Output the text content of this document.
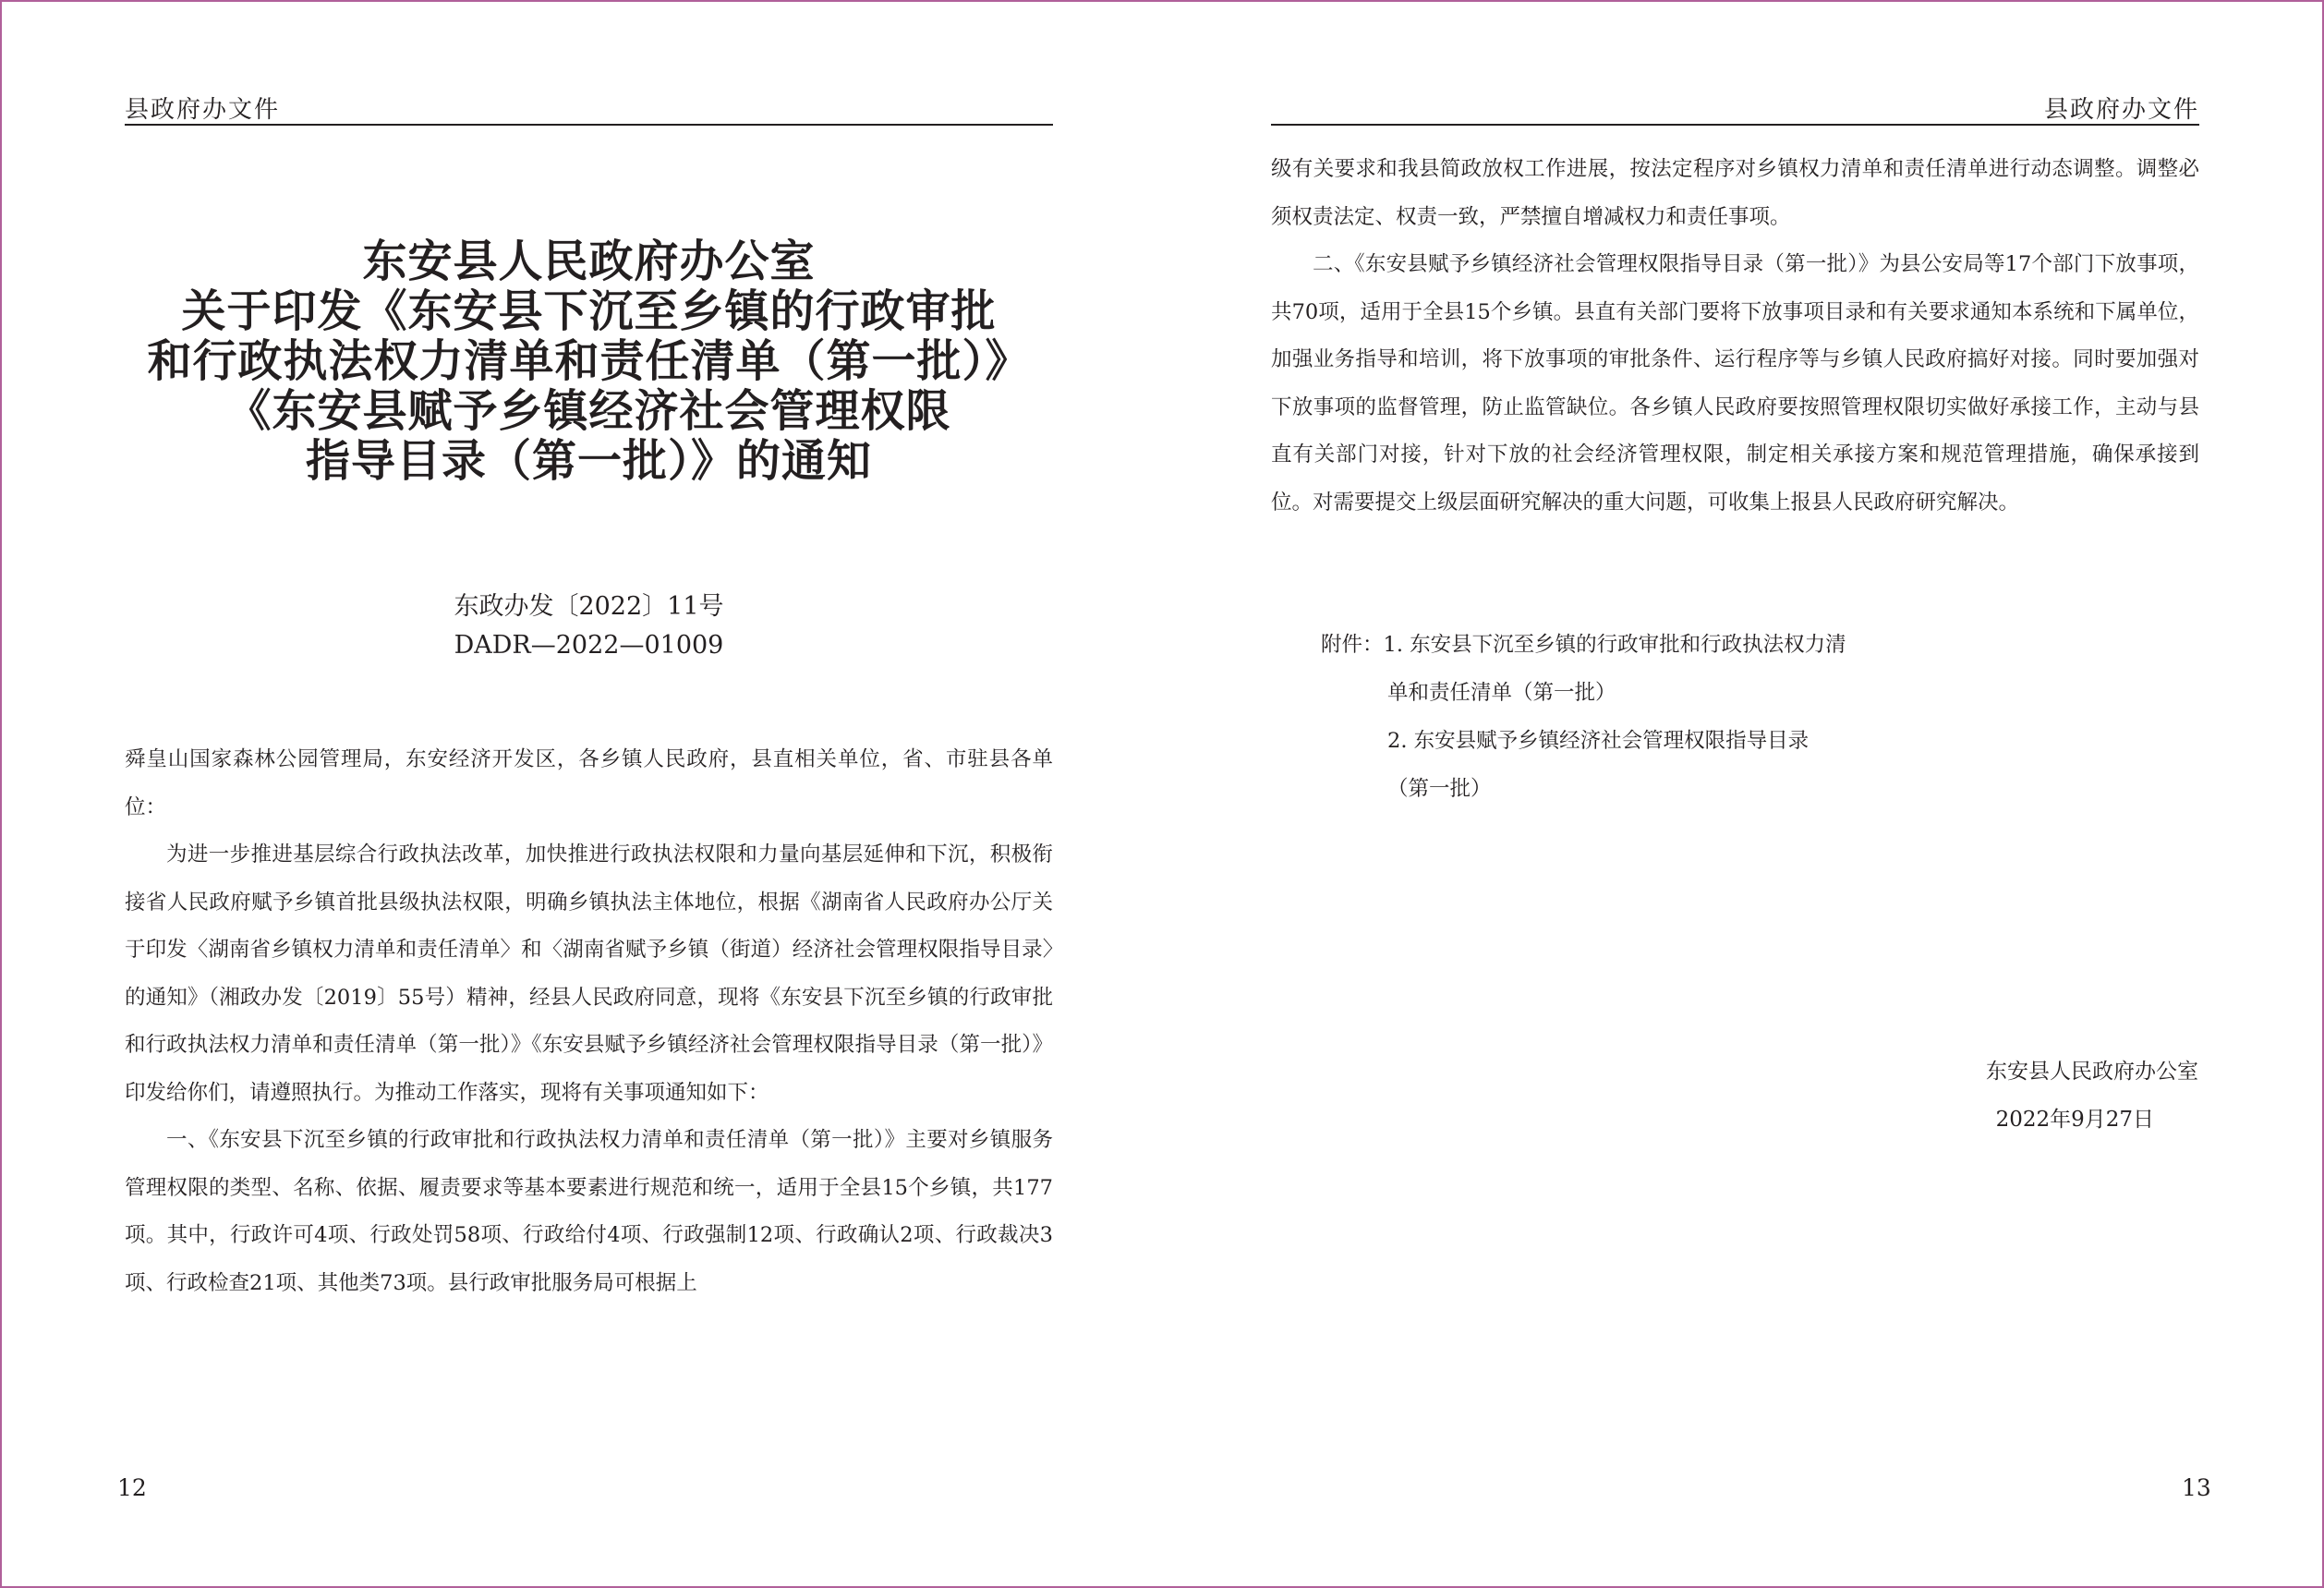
县政府办文件
东安县人民政府办公室
关于印发《东安县下沉至乡镇的行政审批
和行政执法权力清单和责任清单（第一批）》
《东安县赋予乡镇经济社会管理权限
指导目录（第一批）》的通知
东政办发〔2022〕11号
DADR—2022—01009

舜皇山国家森林公园管理局，东安经济开发区，各乡镇人民政府，县直相关单位，省、市驻县各单位：

为进一步推进基层综合行政执法改革，加快推进行政执法权限和力量向基层延伸和下沉，积极衔接省人民政府赋予乡镇首批县级执法权限，明确乡镇执法主体地位，根据《湖南省人民政府办公厅关于印发〈湖南省乡镇权力清单和责任清单〉和〈湖南省赋予乡镇（街道）经济社会管理权限指导目录〉的通知》（湘政办发〔2019〕55号）精神，经县人民政府同意，现将《东安县下沉至乡镇的行政审批和行政执法权力清单和责任清单（第一批）》《东安县赋予乡镇经济社会管理权限指导目录（第一批）》印发给你们，请遵照执行。为推动工作落实，现将有关事项通知如下：

一、《东安县下沉至乡镇的行政审批和行政执法权力清单和责任清单（第一批）》主要对乡镇服务管理权限的类型、名称、依据、履责要求等基本要素进行规范和统一，适用于全县15个乡镇，共177项。其中，行政许可4项、行政处罚58项、行政给付4项、行政强制12项、行政确认2项、行政裁决3项、行政检查21项、其他类73项。县行政审批服务局可根据上

12
县政府办文件

级有关要求和我县简政放权工作进展，按法定程序对乡镇权力清单和责任清单进行动态调整。调整必须权责法定、权责一致，严禁擅自增减权力和责任事项。

二、《东安县赋予乡镇经济社会管理权限指导目录（第一批）》为县公安局等17个部门下放事项，共70项，适用于全县15个乡镇。县直有关部门要将下放事项目录和有关要求通知本系统和下属单位，加强业务指导和培训，将下放事项的审批条件、运行程序等与乡镇人民政府搞好对接。同时要加强对下放事项的监督管理，防止监管缺位。各乡镇人民政府要按照管理权限切实做好承接工作，主动与县直有关部门对接，针对下放的社会经济管理权限，制定相关承接方案和规范管理措施，确保承接到位。对需要提交上级层面研究解决的重大问题，可收集上报县人民政府研究解决。

13
附件：1. 东安县下沉至乡镇的行政审批和行政执法权力清
单和责任清单（第一批）
2. 东安县赋予乡镇经济社会管理权限指导目录
（第一批）
东安县人民政府办公室
2022年9月27日
